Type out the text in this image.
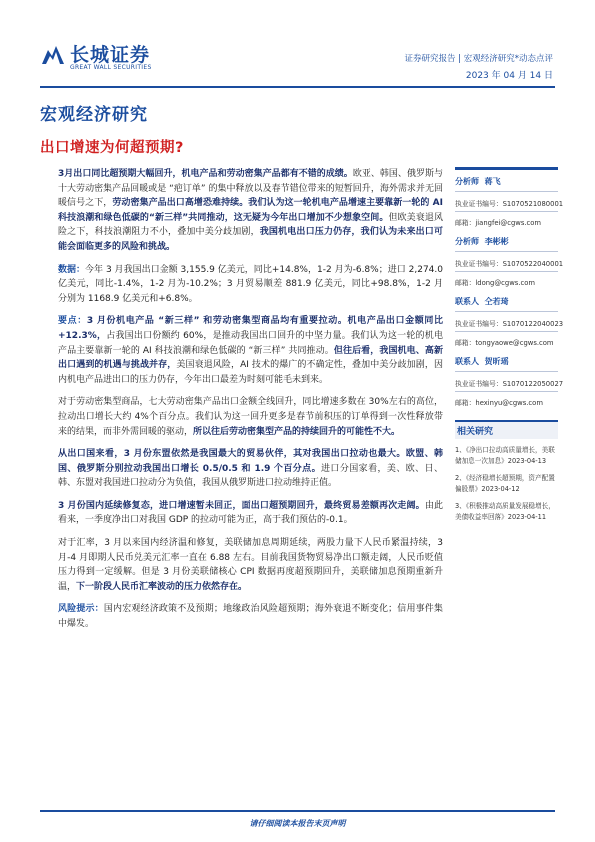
长城证券
GREAT WALL SECURITIES
证券研究报告 | 宏观经济研究*动态点评
2023 年 04 月 14 日
宏观经济研究
出口增速为何超预期?

3月出口同比超预期大幅回升，机电产品和劳动密集产品都有不错的成绩。欧亚、韩国、俄罗斯与十大劳动密集产品回暖或是 “疤订单” 的集中释放以及春节错位带来的短暂回升，海外需求并无回暖信号之下，劳动密集产品出口高增恐难持续。我们认为这一轮机电产品增速主要靠新一轮的 AI 科技浪潮和绿色低碳的“新三样”共同推动，这无疑为今年出口增加不少想象空间。但欧美衰退风险之下，科技浪潮阻力不小，叠加中美分歧加剧，我国机电出口压力仍存，我们认为未来出口可能会面临更多的风险和挑战。

数据：今年 3 月我国出口金额 3,155.9 亿美元，同比+14.8%，1-2 月为-6.8%；进口 2,274.0 亿美元，同比-1.4%，1-2 月为-10.2%；3 月贸易顺差 881.9 亿美元，同比+98.8%，1-2 月分别为 1168.9 亿美元和+6.8%。

要点：3 月份机电产品 “新三样” 和劳动密集型商品均有重要拉动。机电产品出口金额同比+12.3%，占我国出口份额约 60%，是推动我国出口回升的中坚力量。我们认为这一轮的机电产品主要靠新一轮的 AI 科技浪潮和绿色低碳的 “新三样” 共同推动。但往后看，我国机电、高新出口遇到的机遇与挑战并存，美国衰退风险，AI 技术的爆广的不确定性，叠加中美分歧加剧，因内机电产品进出口的压力仍存，今年出口最差为时刻可能毛未到来。

对于劳动密集型商品，七大劳动密集产品出口金额全线回升，同比增速多数在 30%左右的高位，拉动出口增长大约 4%个百分点。我们认为这一回升更多是春节前积压的订单得到一次性释放带来的结果，而非外需回暖的驱动，所以往后劳动密集型产品的持续回升的可能性不大。

从出口国来看，3 月份东盟依然是我国最大的贸易伙伴，其对我国出口拉动也最大。欧盟、韩国、俄罗斯分别拉动我国出口增长 0.5/0.5 和 1.9 个百分点。进口分国家看，美、欧、日、韩、东盟对我国进口拉动分为负值，我国从俄罗斯进口拉动维持正值。

3 月份国内延续修复态，进口增速暂未回正，面出口超预期回升，最终贸易差额再次走阔。由此看来，一季度净出口对我国 GDP 的拉动可能为正，高于我们预估的-0.1。

对于汇率，3 月以来国内经济温和修复，美联储加息周期延续，两股力量下人民币紧温持续，3 月-4 月即期人民币兑美元汇率一直在 6.88 左右。目前我国货物贸易净出口额走阔，人民币贬值压力得到一定缓解。但是 3 月份美联储核心 CPI 数据再度超预期回升，美联储加息预期重新升温，下一阶段人民币汇率波动的压力依然存在。

风险提示：国内宏观经济政策不及预期；地缘政治风险超预期；海外衰退不断变化；信用事件集中爆发。

分析师 蒋飞
执业证书编号：S1070521080001
邮箱：jiangfei@cgws.com
分析师 李彬彬
执业证书编号：S1070522040001
邮箱：ldong@cgws.com
联系人 仝若琦
执业证书编号：S1070122040023
邮箱：tongyaowe@cgws.com
联系人 贺昕瑶
执业证书编号：S1070122050027
邮箱：hexinyu@cgws.com
相关研究
1、《净出口拉动高质量增长，美联储加息一次加息》2023-04-13
2、《经济稳增长超预期，资产配置偏股票》2023-04-12
3、《积极推动高质量发展稳增长，美债收益率回落》2023-04-11
请仔细阅读本报告末页声明
